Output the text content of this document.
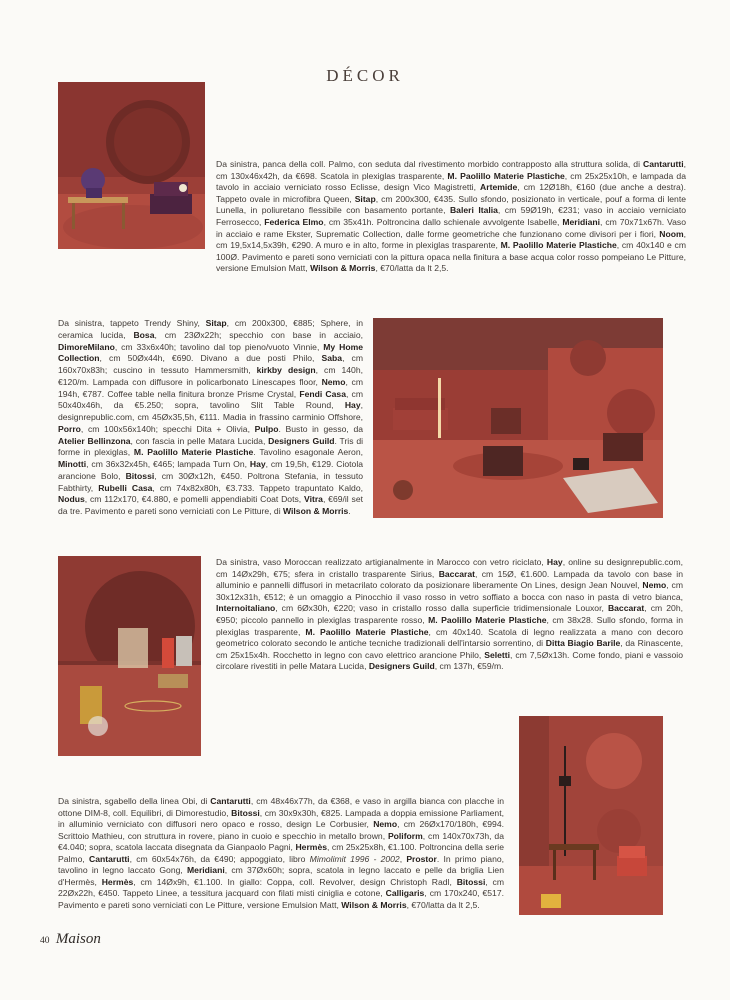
DÉCOR

Da sinistra, panca della coll. Palmo, con seduta dal rivestimento morbido contrapposto alla struttura solida, di Cantarutti, cm 130x46x42h, da €698. Scatola in plexiglas trasparente, M. Paolillo Materie Plastiche, cm 25x25x10h, e lampada da tavolo in acciaio verniciato rosso Eclisse, design Vico Magistretti, Artemide, cm 12Ø18h, €160 (due anche a destra). Tappeto ovale in microfibra Queen, Sitap, cm 200x300, €435. Sullo sfondo, posizionato in verticale, pouf a forma di lente Lunella, in poliuretano flessibile con basamento portante, Baleri Italia, cm 59Ø19h, €231; vaso in acciaio verniciato Ferrosecco, Federica Elmo, cm 35x41h. Poltroncina dallo schienale avvolgente Isabelle, Meridiani, cm 70x71x67h. Vaso in acciaio e rame Ekster, Suprematic Collection, dalle forme geometriche che funzionano come divisori per i fiori, Noom, cm 19,5x14,5x39h, €290. A muro e in alto, forme in plexiglas trasparente, M. Paolillo Materie Plastiche, cm 40x140 e cm 100Ø. Pavimento e pareti sono verniciati con la pittura opaca nella finitura a base acqua color rosso pompeiano Le Pitture, versione Emulsion Matt, Wilson & Morris, €70/latta da lt 2,5.

Da sinistra, tappeto Trendy Shiny, Sitap, cm 200x300, €885; Sphere, in ceramica lucida, Bosa, cm 23Øx22h; specchio con base in acciaio, DimoreMilano, cm 33x6x40h; tavolino dal top pieno/vuoto Vinnie, My Home Collection, cm 50Øx44h, €690. Divano a due posti Philo, Saba, cm 160x70x83h; cuscino in tessuto Hammersmith, kirkby design, cm 140h, €120/m. Lampada con diffusore in policarbonato Linescapes floor, Nemo, cm 194h, €787. Coffee table nella finitura bronze Prisme Crystal, Fendi Casa, cm 50x40x46h, da €5.250; sopra, tavolino Slit Table Round, Hay, designrepublic.com, cm 45Øx35,5h, €111. Madia in frassino carminio Offshore, Porro, cm 100x56x140h; specchi Dita + Olivia, Pulpo. Busto in gesso, da Atelier Bellinzona, con fascia in pelle Matara Lucida, Designers Guild. Tris di forme in plexiglas, M. Paolillo Materie Plastiche. Tavolino esagonale Aeron, Minotti, cm 36x32x45h, €465; lampada Turn On, Hay, cm 19,5h, €129. Ciotola arancione Bolo, Bitossi, cm 30Øx12h, €450. Poltrona Stefania, in tessuto Fabthirty, Rubelli Casa, cm 74x82x80h, €3.733. Tappeto trapuntato Kaldo, Nodus, cm 112x170, €4.880, e pomelli appendiabiti Coat Dots, Vitra, €69/il set da tre. Pavimento e pareti sono verniciati con Le Pitture, di Wilson & Morris.

Da sinistra, vaso Moroccan realizzato artigianalmente in Marocco con vetro riciclato, Hay, online su designrepublic.com, cm 14Øx29h, €75; sfera in cristallo trasparente Sirius, Baccarat, cm 15Ø, €1.600. Lampada da tavolo con base in alluminio e pannelli diffusori in metacrilato colorato da posizionare liberamente On Lines, design Jean Nouvel, Nemo, cm 30x12x31h, €512; è un omaggio a Pinocchio il vaso rosso in vetro soffiato a bocca con naso in pasta di vetro bianca, Internoitaliano, cm 6Øx30h, €220; vaso in cristallo rosso dalla superficie tridimensionale Louxor, Baccarat, cm 20h, €950; piccolo pannello in plexiglas trasparente rosso, M. Paolillo Materie Plastiche, cm 38x28. Sullo sfondo, forma in plexiglas trasparente, M. Paolillo Materie Plastiche, cm 40x140. Scatola di legno realizzata a mano con decoro geometrico colorato secondo le antiche tecniche tradizionali dell'intarsio sorrentino, di Ditta Biagio Barile, da Rinascente, cm 25x15x4h. Rocchetto in legno con cavo elettrico arancione Philo, Seletti, cm 7,5Øx13h. Come fondo, piani e vassoio circolare rivestiti in pelle Matara Lucida, Designers Guild, cm 137h, €59/m.

Da sinistra, sgabello della linea Obi, di Cantarutti, cm 48x46x77h, da €368, e vaso in argilla bianca con placche in ottone DIM-8, coll. Equilibri, di Dimorestudio, Bitossi, cm 30x9x30h, €825. Lampada a doppia emissione Parliament, in alluminio verniciato con diffusori nero opaco e rosso, design Le Corbusier, Nemo, cm 26Øx170/180h, €994. Scrittoio Mathieu, con struttura in rovere, piano in cuoio e specchio in metallo brown, Poliform, cm 140x70x73h, da €4.040; sopra, scatola laccata disegnata da Gianpaolo Pagni, Hermès, cm 25x25x8h, €1.100. Poltroncina della serie Palmo, Cantarutti, cm 60x54x76h, da €490; appoggiato, libro Mimolimit 1996 - 2002, Prostor. In primo piano, tavolino in legno laccato Gong, Meridiani, cm 37Øx60h; sopra, scatola in legno laccato e pelle da briglia Lien d'Hermès, Hermès, cm 14Øx9h, €1.100. In giallo: Coppa, coll. Revolver, design Christoph Radl, Bitossi, cm 22Øx22h, €450. Tappeto Linee, a tessitura jacquard con filati misti ciniglia e cotone, Calligaris, cm 170x240, €517. Pavimento e pareti sono verniciati con Le Pitture, versione Emulsion Matt, Wilson & Morris, €70/latta da lt 2,5.

40 Maison
